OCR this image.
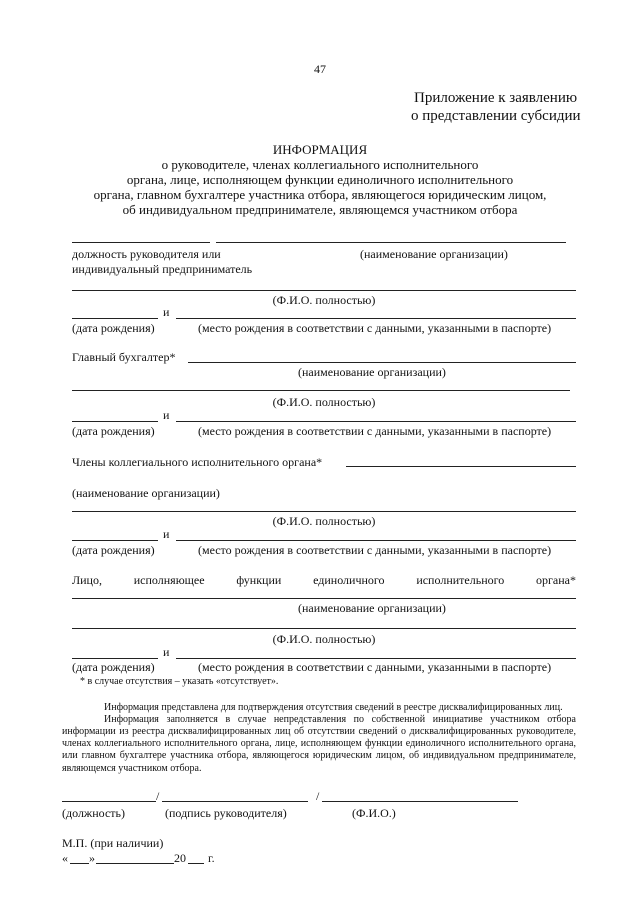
47
Приложение к заявлению
о представлении субсидии
ИНФОРМАЦИЯ
о руководителе, членах коллегиального исполнительного
органа, лице, исполняющем функции единоличного исполнительного
органа, главном бухгалтере участника отбора, являющегося юридическим лицом,
об индивидуальном предпринимателе, являющемся участником отбора
должность руководителя или	(наименование организации)
индивидуальный предприниматель
(Ф.И.О. полностью)
и
(дата рождения)	(место рождения в соответствии с данными, указанными в паспорте)
Главный бухгалтер*
(наименование организации)
(Ф.И.О. полностью)
и
(дата рождения)	(место рождения в соответствии с данными, указанными в паспорте)
Члены коллегиального исполнительного органа*
(наименование организации)
(Ф.И.О. полностью)
и
(дата рождения)	(место рождения в соответствии с данными, указанными в паспорте)
Лицо,	исполняющее	функции	единоличного	исполнительного	органа*
(наименование организации)
(Ф.И.О. полностью)
и
(дата рождения)	(место рождения в соответствии с данными, указанными в паспорте)
* в случае отсутствия – указать «отсутствует».
Информация представлена для подтверждения отсутствия сведений в реестре дисквалифицированных лиц.
Информация заполняется в случае непредставления по собственной инициативе участником отбора
информации из реестра дисквалифицированных лиц об отсутствии сведений о дисквалифицированных руководителе,
членах коллегиального исполнительного органа, лице, исполняющем функции единоличного исполнительного органа,
или главном бухгалтере участника отбора, являющегося юридическим лицом, об индивидуальном предпринимателе,
являющемся участником отбора.
/	/
(должность)	(подпись руководителя)	(Ф.И.О.)
М.П. (при наличии)
« »	20 г.
